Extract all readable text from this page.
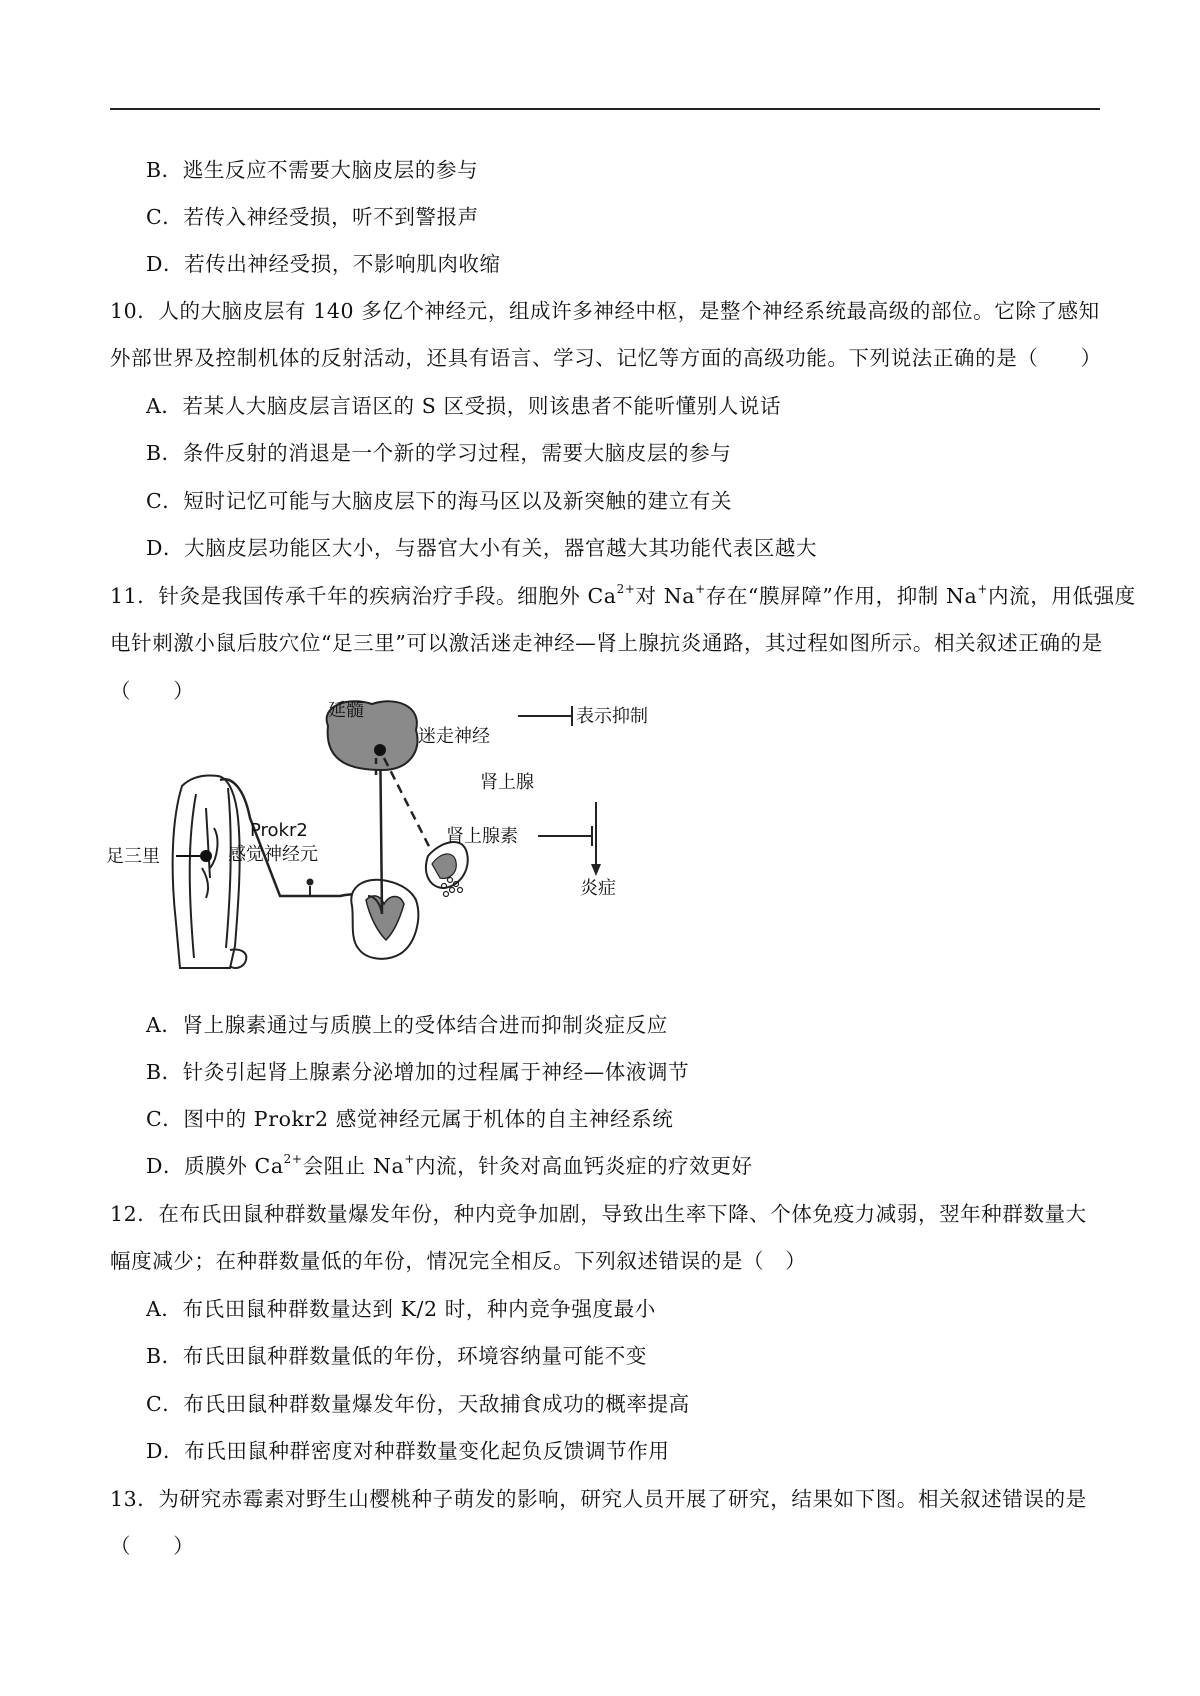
B．逃生反应不需要大脑皮层的参与
C．若传入神经受损，听不到警报声
D．若传出神经受损，不影响肌肉收缩
10．人的大脑皮层有 140 多亿个神经元，组成许多神经中枢，是整个神经系统最高级的部位。它除了感知
外部世界及控制机体的反射活动，还具有语言、学习、记忆等方面的高级功能。下列说法正确的是（　　）
A．若某人大脑皮层言语区的 S 区受损，则该患者不能听懂别人说话
B．条件反射的消退是一个新的学习过程，需要大脑皮层的参与
C．短时记忆可能与大脑皮层下的海马区以及新突触的建立有关
D．大脑皮层功能区大小，与器官大小有关，器官越大其功能代表区越大
11．针灸是我国传承千年的疾病治疗手段。细胞外 $Ca^{2+}$对 Na+存在“膜屏障”作用，抑制 Na+内流，用低强度
电针刺激小鼠后肢穴位“足三里”可以激活迷走神经—肾上腺抗炎通路，其过程如图所示。相关叙述正确的是
（　　）
延髓
迷走神经
表示抑制
肾上腺
足三里
Prokr2
感觉神经元
肾上腺素
炎症
A．肾上腺素通过与质膜上的受体结合进而抑制炎症反应
B．针灸引起肾上腺素分泌增加的过程属于神经—体液调节
C．图中的 Prokr2 感觉神经元属于机体的自主神经系统
D．质膜外 $Ca^{2+}$会阻止 Na+内流，针灸对高血钙炎症的疗效更好
12．在布氏田鼠种群数量爆发年份，种内竞争加剧，导致出生率下降、个体免疫力减弱，翌年种群数量大
幅度减少；在种群数量低的年份，情况完全相反。下列叙述错误的是（　）
A．布氏田鼠种群数量达到 K/2 时，种内竞争强度最小
B．布氏田鼠种群数量低的年份，环境容纳量可能不变
C．布氏田鼠种群数量爆发年份，天敌捕食成功的概率提高
D．布氏田鼠种群密度对种群数量变化起负反馈调节作用
13．为研究赤霉素对野生山樱桃种子萌发的影响，研究人员开展了研究，结果如下图。相关叙述错误的是
（　　）
